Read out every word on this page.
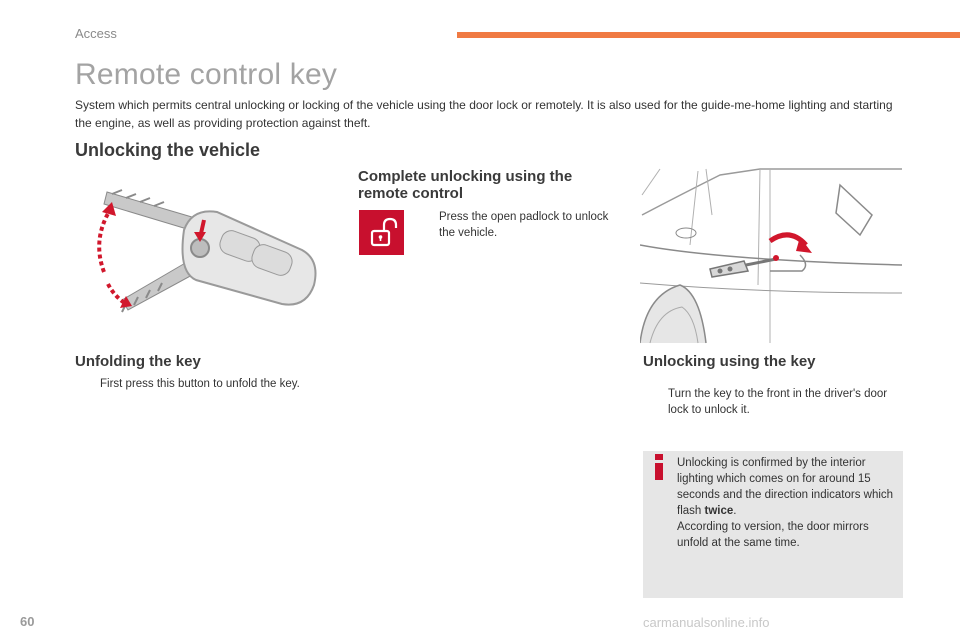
Access
Remote control key
System which permits central unlocking or locking of the vehicle using the door lock or remotely. It is also used for the guide-me-home lighting and starting the engine, as well as providing protection against theft.
Unlocking the vehicle
Complete unlocking using the remote control
Press the open padlock to unlock the vehicle.
Unfolding the key
First press this button to unfold the key.
Unlocking using the key
Turn the key to the front in the driver's door lock to unlock it.
Unlocking is confirmed by the interior lighting which comes on for around 15 seconds and the direction indicators which flash twice.
According to version, the door mirrors unfold at the same time.
60	carmanualsonline.info
